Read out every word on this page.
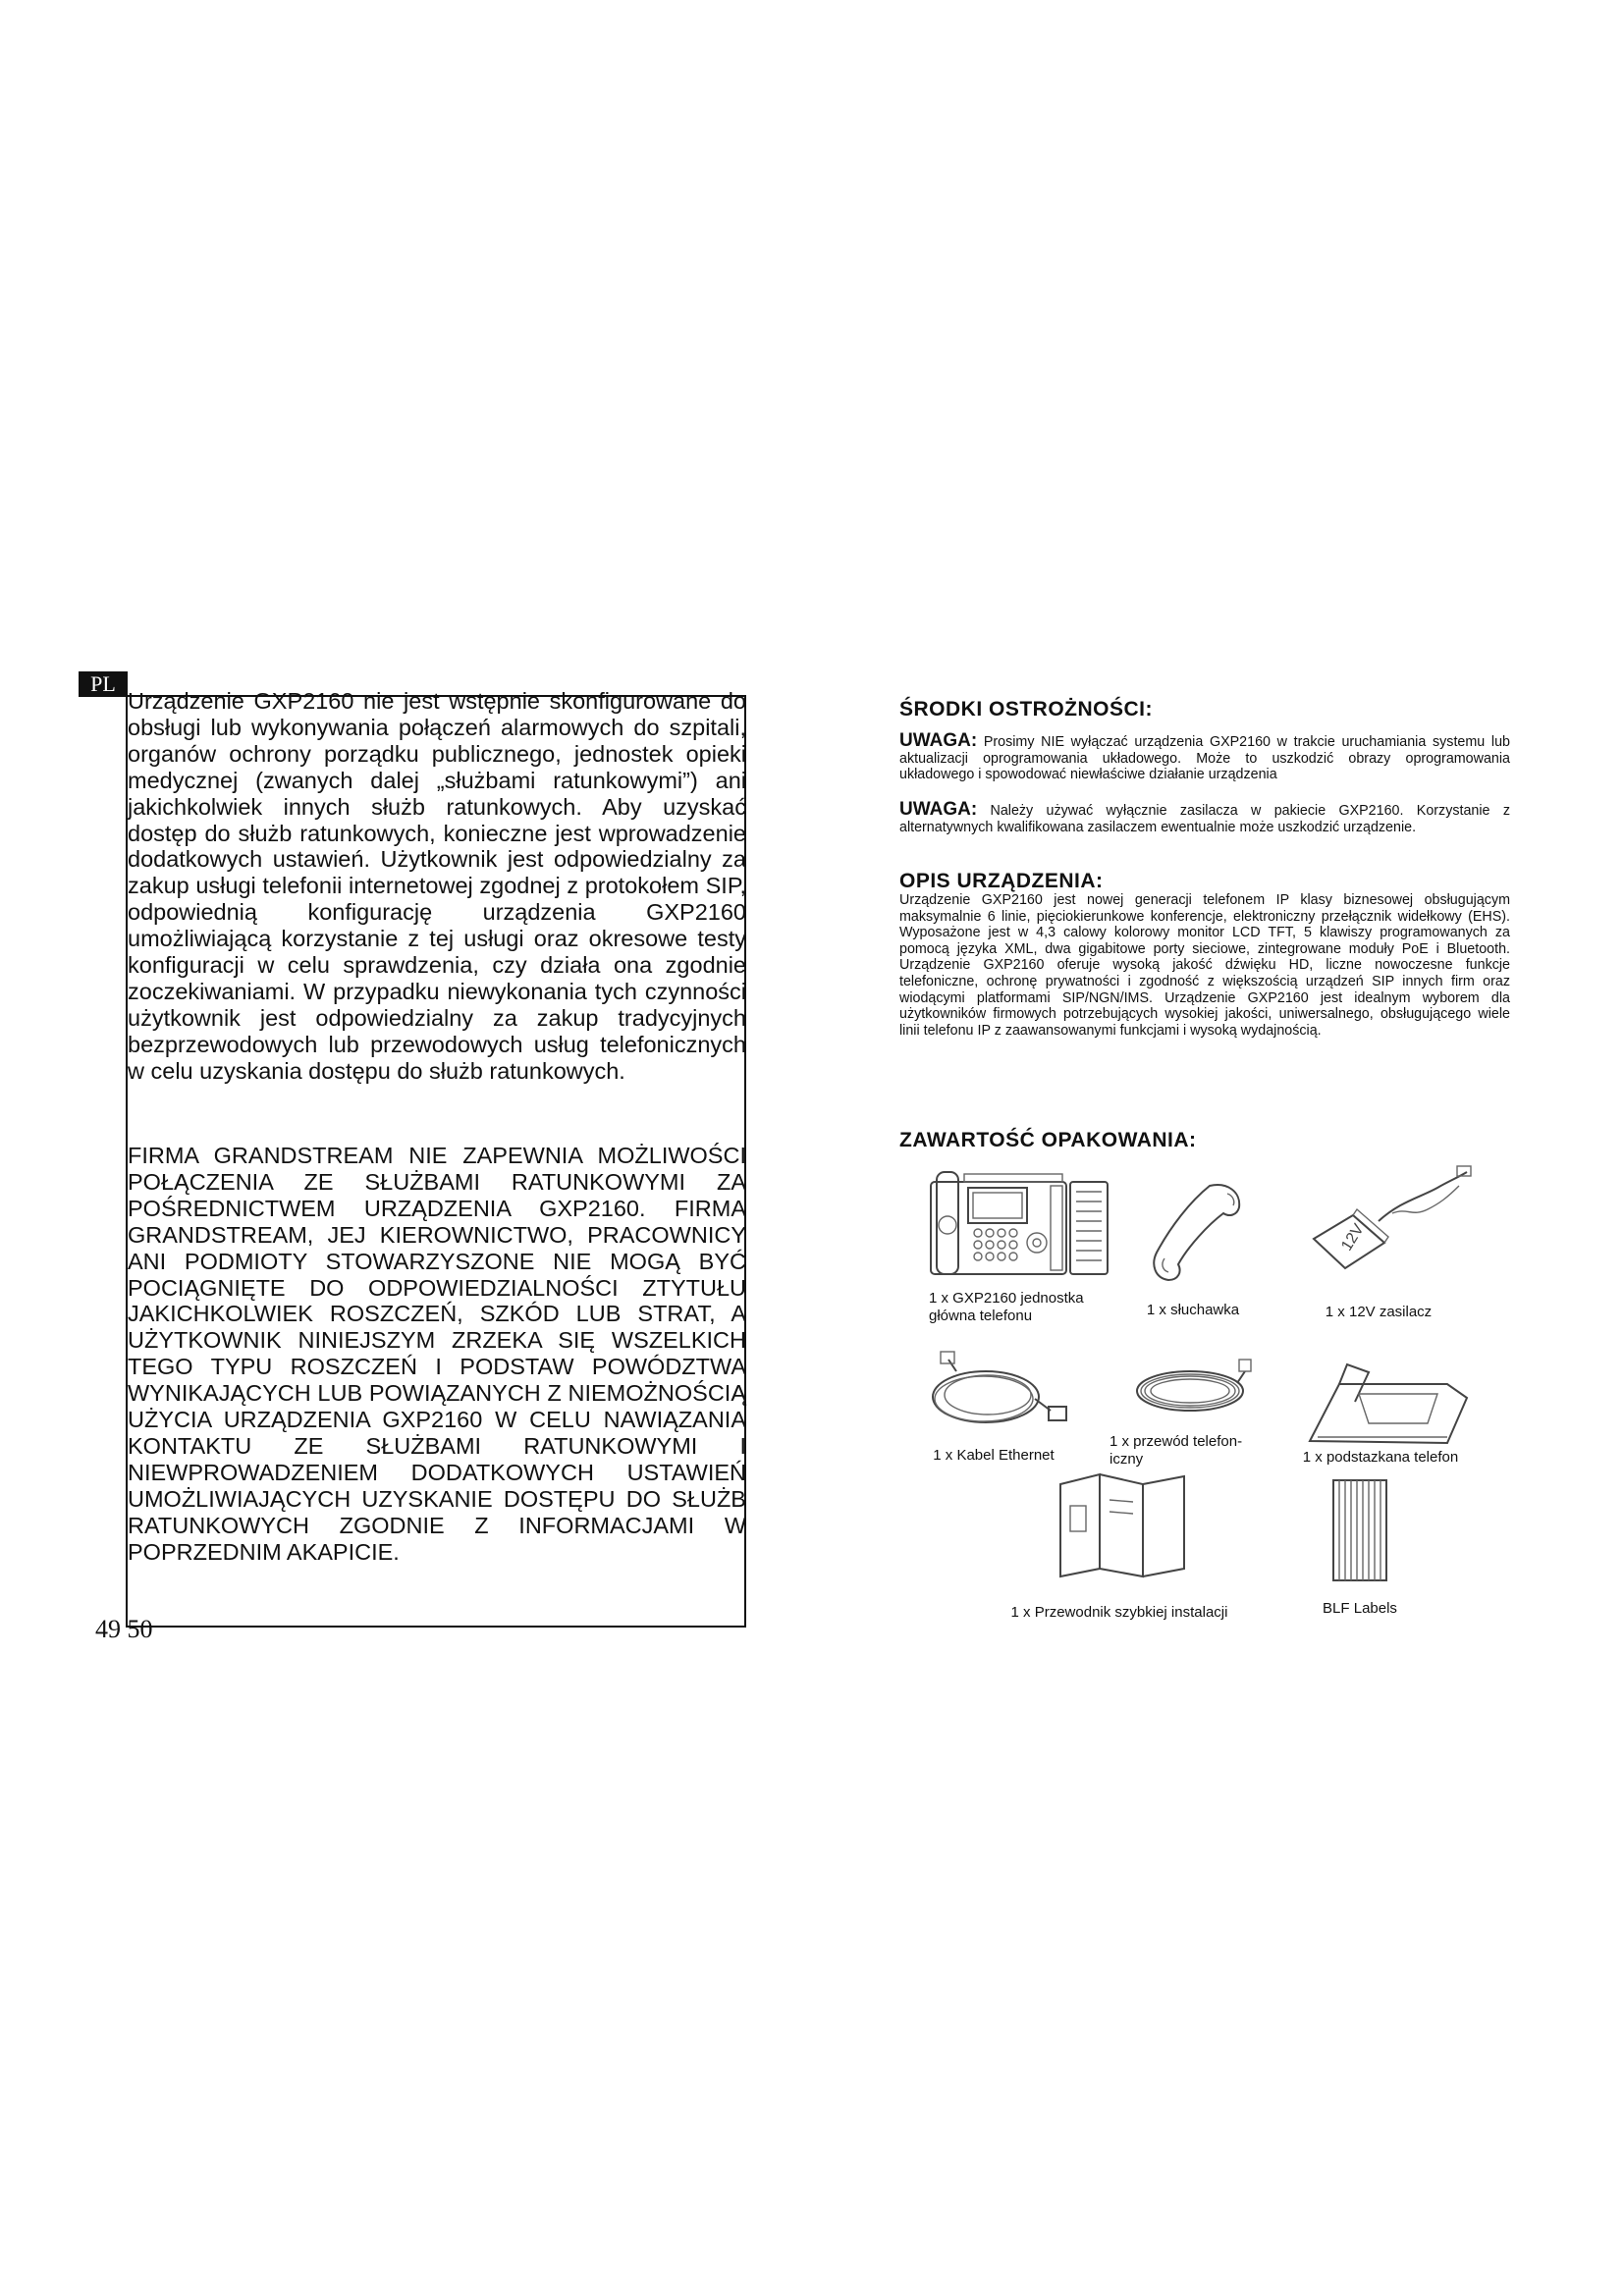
PL

Urządzenie GXP2160 nie jest wstępnie skonfigurowane do obsługi lub wykonywania połączeń alarmowych do szpitali, organów ochrony porządku publicznego, jednostek opieki medycznej (zwanych dalej „służbami ratunkowymi”) ani jakichkolwiek innych służb ratunkowych. Aby uzyskać dostęp do służb ratunkowych, konieczne jest wprowadzenie dodatkowych ustawień. Użytkownik jest odpowiedzialny za zakup usługi telefonii internetowej zgodnej z protokołem SIP, odpowiednią konfigurację urządzenia GXP2160 umożliwiającą korzystanie z tej usługi oraz okresowe testy konfiguracji w celu sprawdzenia, czy działa ona zgodnie zoczekiwaniami. W przypadku niewykonania tych czynności użytkownik jest odpowiedzialny za zakup tradycyjnych bezprzewodowych lub przewodowych usług telefonicznych w celu uzyskania dostępu do służb ratunkowych.

FIRMA GRANDSTREAM NIE ZAPEWNIA MOŻLIWOŚCI POŁĄCZENIA ZE SŁUŻBAMI RATUNKOWYMI ZA POŚREDNICTWEM URZĄDZENIA GXP2160. FIRMA GRANDSTREAM, JEJ KIEROWNICTWO, PRACOWNICY ANI PODMIOTY STOWARZYSZONE NIE MOGĄ BYĆ POCIĄGNIĘTE DO ODPOWIEDZIALNOŚCI ZTYTUŁU JAKICHKOLWIEK ROSZCZEŃ, SZKÓD LUB STRAT, A UŻYTKOWNIK NINIEJSZYM ZRZEKA SIĘ WSZELKICH TEGO TYPU ROSZCZEŃ I PODSTAW POWÓDZTWA WYNIKAJĄCYCH LUB POWIĄZANYCH Z NIEMOŻNOŚCIĄ UŻYCIA URZĄDZENIA GXP2160 W CELU NAWIĄZANIA KONTAKTU ZE SŁUŻBAMI RATUNKOWYMI I NIEWPROWADZENIEM DODATKOWYCH USTAWIEŃ UMOŻLIWIAJĄCYCH UZYSKANIE DOSTĘPU DO SŁUŻB RATUNKOWYCH ZGODNIE Z INFORMACJAMI W POPRZEDNIM AKAPICIE.

49 50
ŚRODKI OSTROŻNOŚCI:

UWAGA: Prosimy NIE wyłączać urządzenia GXP2160 w trakcie uruchamiania systemu lub aktualizacji oprogramowania układowego. Może to uszkodzić obrazy oprogramowania układowego i spowodować niewłaściwe działanie urządzenia

UWAGA: Należy używać wyłącznie zasilacza w pakiecie GXP2160. Korzystanie z alternatywnych kwalifikowana zasilaczem ewentualnie może uszkodzić urządzenie.

OPIS URZĄDZENIA:

Urządzenie GXP2160 jest nowej generacji telefonem IP klasy biznesowej obsługującym maksymalnie 6 linie, pięciokierunkowe konferencje, elektroniczny przełącznik widełkowy (EHS). Wyposażone jest w 4,3 calowy kolorowy monitor LCD TFT, 5 klawiszy programowanych za pomocą języka XML, dwa gigabitowe porty sieciowe, zintegrowane moduły PoE i Bluetooth. Urządzenie GXP2160 oferuje wysoką jakość dźwięku HD, liczne nowoczesne funkcje telefoniczne, ochronę prywatności i zgodność z większością urządzeń SIP innych firm oraz wiodącymi platformami SIP/NGN/IMS. Urządzenie GXP2160 jest idealnym wyborem dla użytkowników firmowych potrzebujących wysokiej jakości, uniwersalnego, obsługującego wiele linii telefonu IP z zaawansowanymi funkcjami i wysoką wydajnością.

ZAWARTOŚĆ OPAKOWANIA:
12V
1 x GXP2160 jednostka
główna telefonu	1 x słuchawka	1 x 12V zasilacz
1 x Kabel Ethernet
1 x przewód telefon-
iczny	1 x podstazkana telefon
1 x Przewodnik szybkiej instalacji	BLF Labels
